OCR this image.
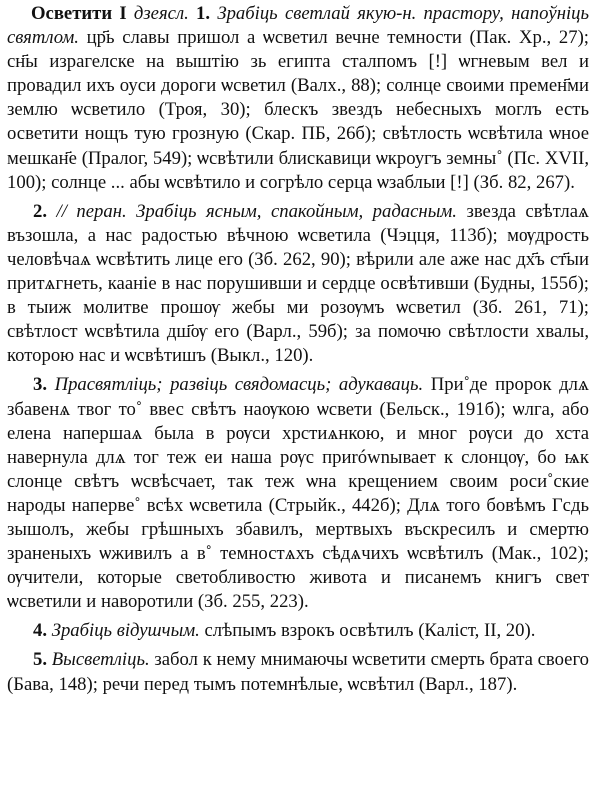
Осветити I дзеясл. 1. Зрабіць светлай якую-н. прастору, напоўніць святлом. цр҃ь славы пришол а ѡсветил вечне темности (Пак. Хр., 27); сн҃ы израгелске на выштiю зь египта сталпомъ [!] ѡгневым вел и провадил ихъ оуси дороги ѡсветил (Валх., 88); солнце своими премен҃ми землю ѡсветило (Троя, 30); блескъ звездъ небесныхъ моглъ есть осветити нощъ тую грозную (Скар. ПБ, 26б); свѣтлость ѡсвѣтила ѡное мешкан҃е (Пралог, 549); ѡсвѣтили блискавици ѡкроугъ земны˚ (Пс. XVII, 100); солнце ... абы ѡсвѣтило и согрѣло серца ѡзаблыи [!] (Зб. 82, 267).

2. // перан. Зрабіць ясным, спакойным, радасным. звезда свѣтлаѧ възошла, а нас радостью вѣчною ѡсветила (Чэцця, 113б); мѹдрость человѣчаѧ ѡсвѣтить лице его (Зб. 262, 90); вѣрили але аже нас дх҃ъ ст҃ыи притѧгнеть, кааніе в нас порушивши и сердце освѣтивши (Будны, 155б); в тыиж молитве прошѹ жебы ми розѹмъ ѡсветил (Зб. 261, 71); свѣтлост ѡсвѣтила дш҃ѹ его (Варл., 59б); за помочю свѣтлости хвалы, которою нас и ѡсвѣтишъ (Выкл., 120).

3. Прасвятліць; развіць свядомасць; адукаваць. При˚де пророк длѧ збавенѧ твог то˚ ввес свѣтъ наѹкою ѡсвети (Бельск., 191б); ѡлга, або елена напершаѧ была в рѹси хрстиѧнкою, и мног рѹси до хста навернула длѧ тог теж еи наша рѹс приrównывает к слонцѹ, бо ѩк слонце свѣтъ ѡсвѣсчает, так теж ѡна крещением своим роси˚ские народы наперве˚ всѣх ѡсветила (Стрыйк., 442б); Длѧ того бовѣмъ Гсдь зышолъ, жебы грѣшныхъ збавилъ, мертвыхъ въскресилъ и смертю зраненыхъ ѡживилъ а в˚ темностѧхъ сѣдѧчихъ ѡсвѣтилъ (Мак., 102); ѹчители, которые светобливостю живота и писанемъ книгъ свет ѡсветили и наворотили (Зб. 255, 223).

4. Зрабіць відушчым. слѣпымъ взрокъ освѣтилъ (Каліст, II, 20).

5. Высветліць. забол к нему мнимаючы ѡсветити смерть брата своего (Бава, 148); речи перед тымъ потемнѣлые, ѡсвѣтил (Варл., 187).
